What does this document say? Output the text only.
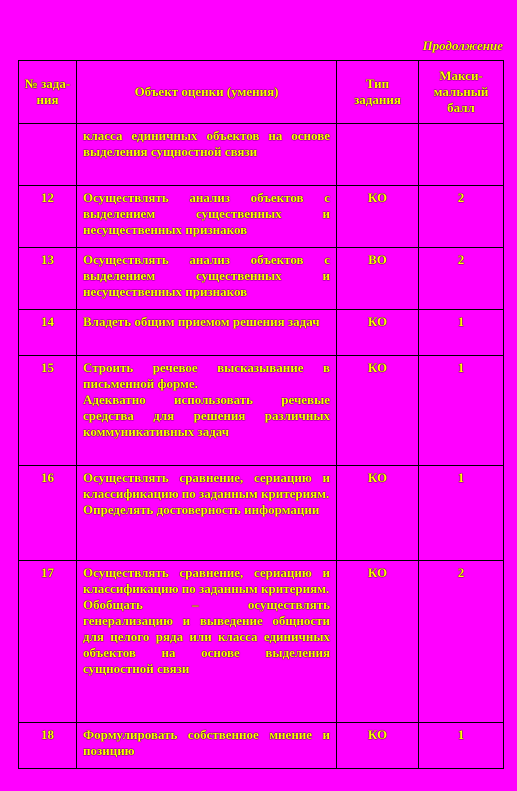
Продолжение
№ зада-ния	Объект оценки (умения)	Тип задания	Макси-мальный балл

	класса единичных объектов на основе выделения сущностной связи		

12	Осуществлять анализ объектов с выделением существенных и несущественных признаков	КО	2
13	Осуществлять анализ объектов с выделением существенных и несущественных признаков	ВО	2
14	Владеть общим приемом решения задач	КО	1
15	Строить речевое высказывание в письменной форме.
Адекватно использовать речевые средства для решения различных коммуникативных задач	КО	1
16	Осуществлять сравнение, сериацию и классификацию по заданным критериям.
Определять достоверность информации	КО	1
17	Осуществлять сравнение, сериацию и классификацию по заданным критериям.
Обобщать – осуществлять генерализацию и выведение общности для целого ряда или класса единичных объектов на основе выделения сущностной связи	КО	2
18	Формулировать собственное мнение и позицию	КО	1
